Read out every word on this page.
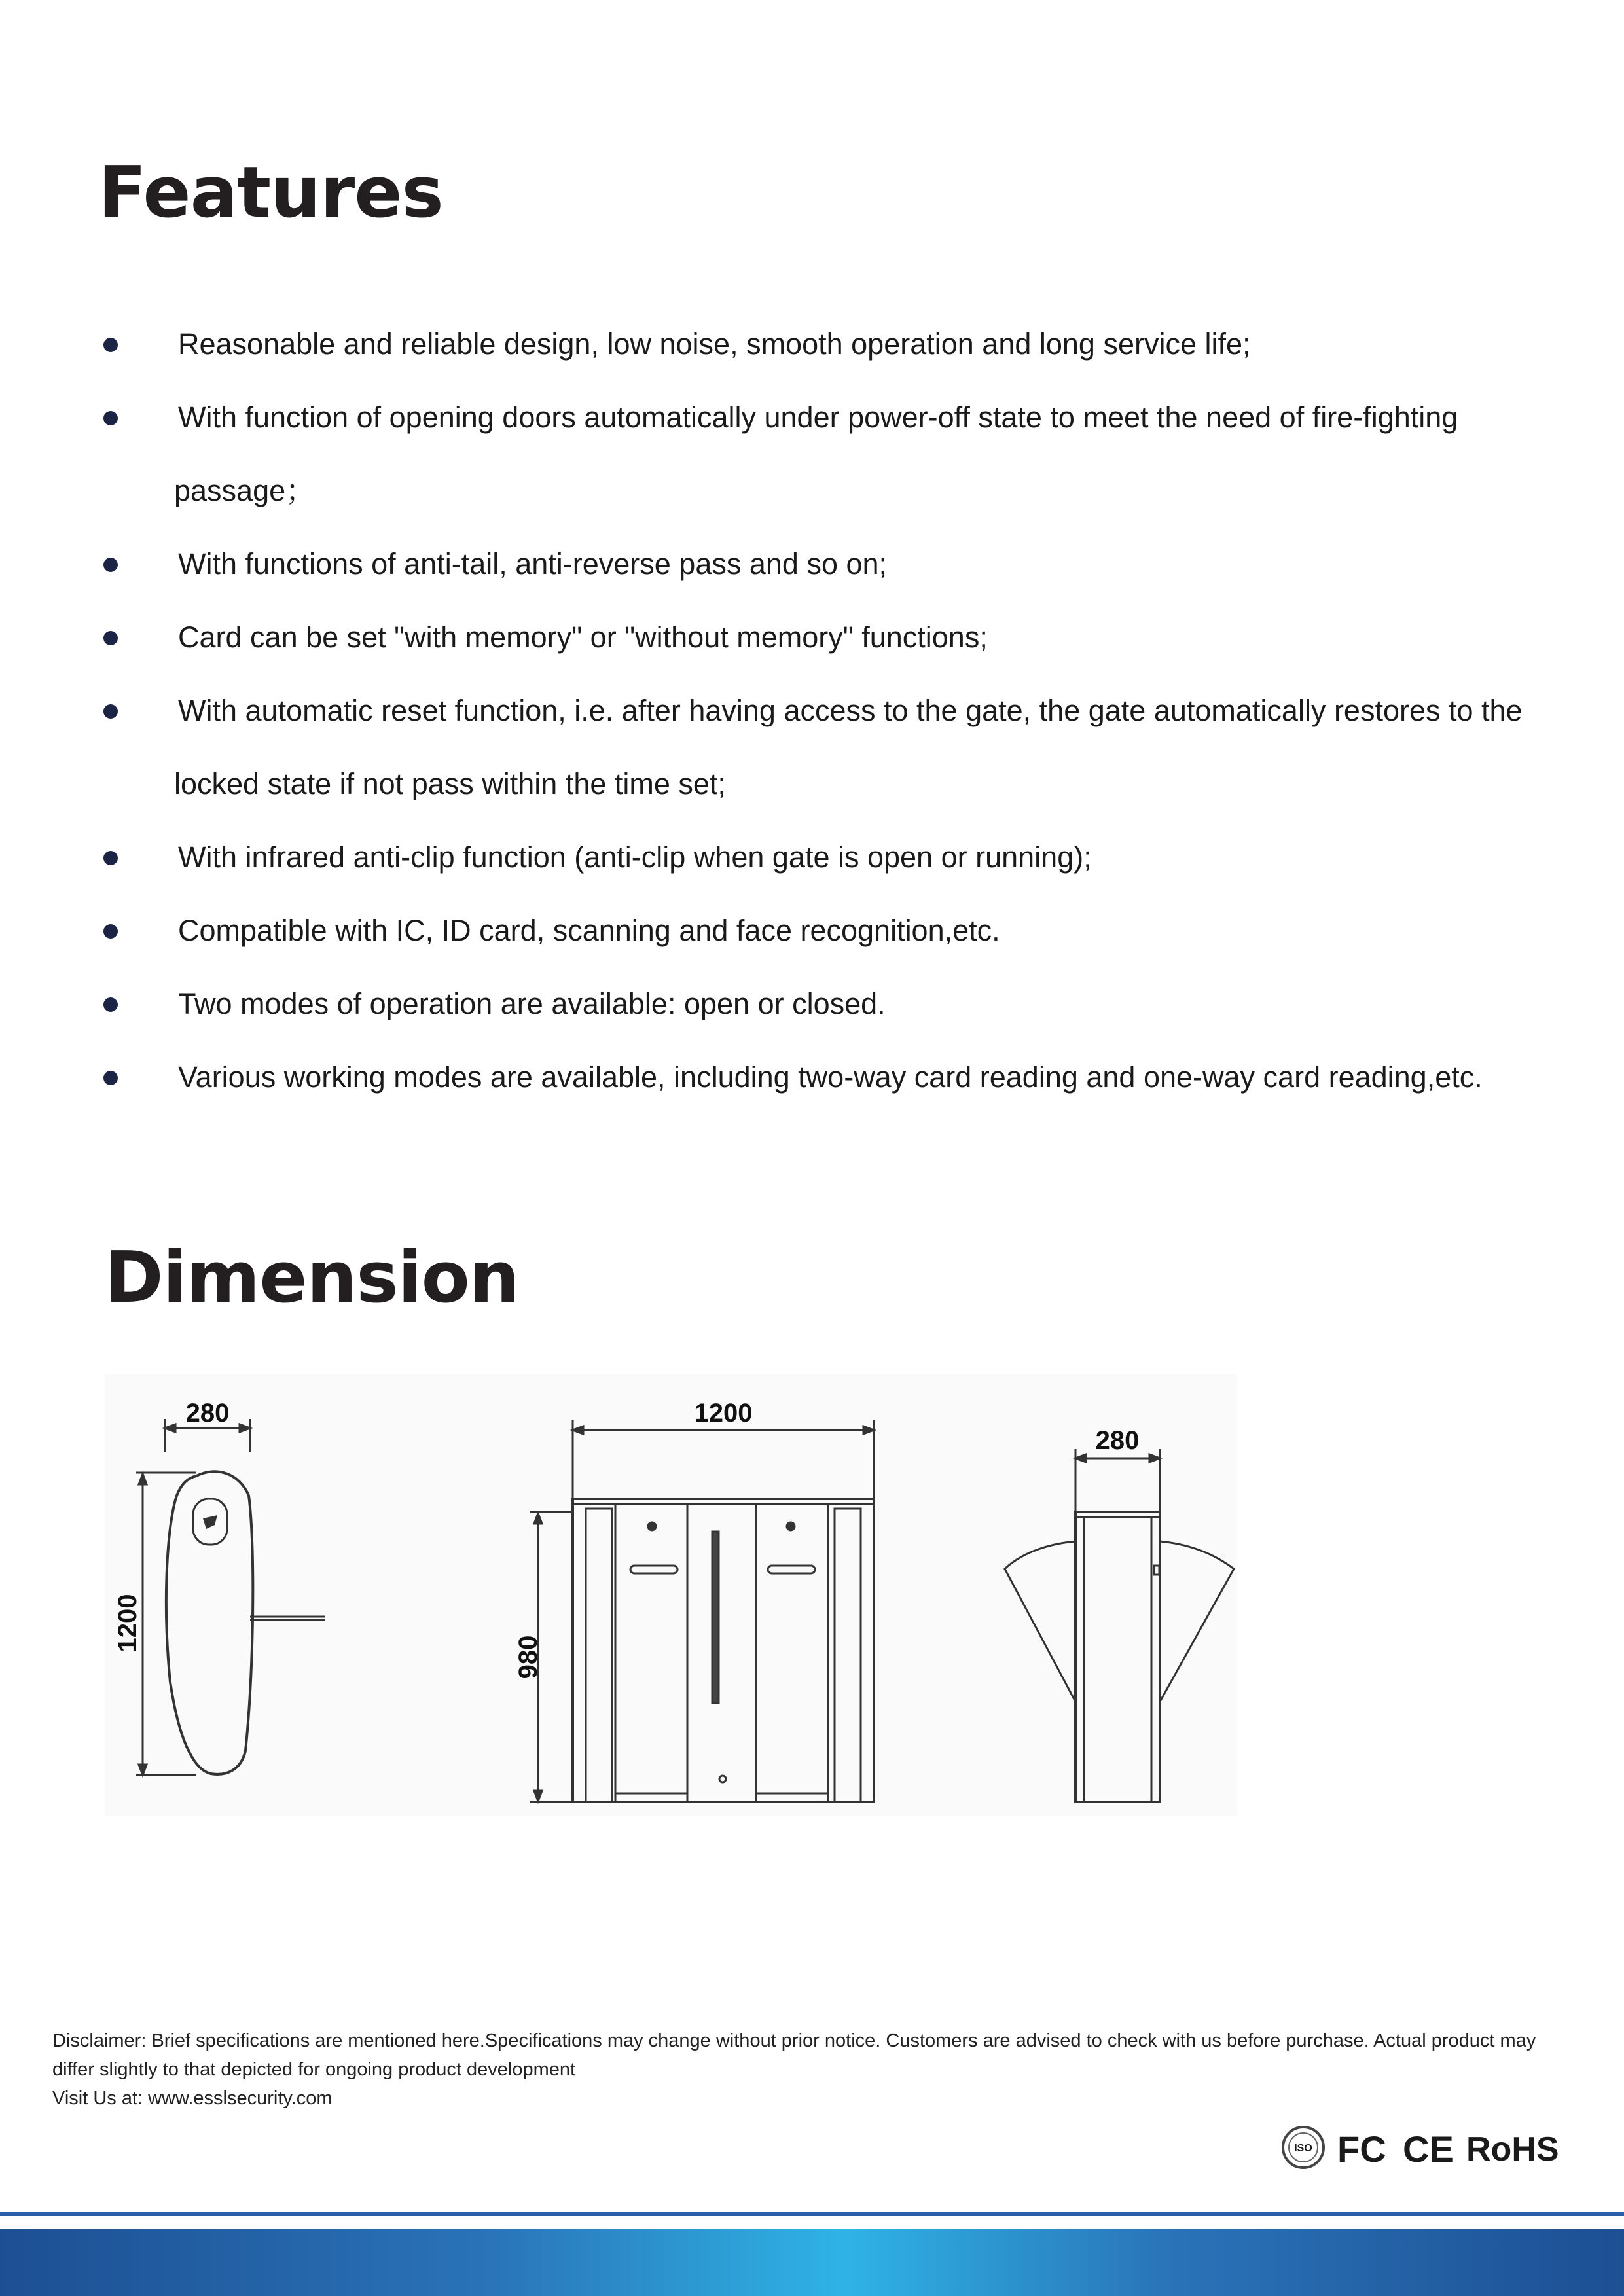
Features
Reasonable and reliable design, low noise, smooth operation and long service life;
With function of opening doors automatically under power-off state to meet the need of fire-fighting
passage；
With functions of anti-tail, anti-reverse pass and so on;
Card can be set "with memory" or "without memory" functions;
With automatic reset function, i.e. after having access to the gate, the gate automatically restores to the
locked state if not pass within the time set;
With infrared anti-clip function (anti-clip when gate is open or running);
Compatible with IC, ID card, scanning and face recognition,etc.
Two modes of operation are available: open or closed.
Various working modes are available, including two-way card reading and one-way card reading,etc.
Dimension
280
1200
1200
980
280
Disclaimer: Brief specifications are mentioned here.Specifications may change without prior notice. Customers are advised to check with us before purchase. Actual product may differ slightly to that depicted for ongoing product development
Visit Us at: www.esslsecurity.com
ISO FC CE RoHS
